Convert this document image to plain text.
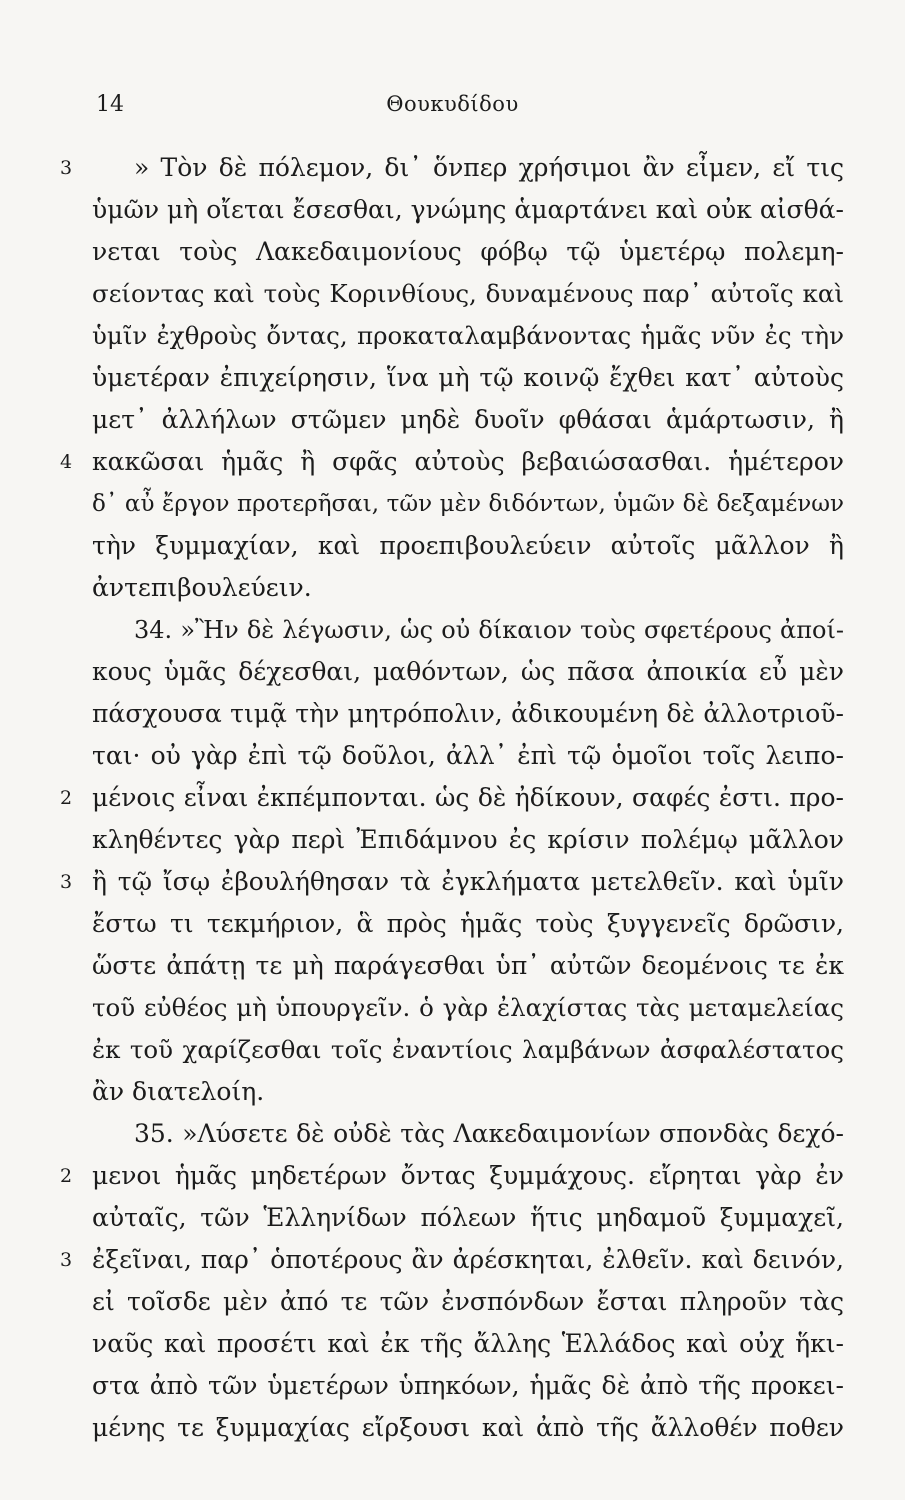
14	Θουκυδίδου
3	» Τὸν δὲ πόλεμον, δι᾿ ὅνπερ χρήσιμοι ἂν εἶμεν, εἴ τις
ὑμῶν μὴ οἴεται ἔσεσθαι, γνώμης ἁμαρτάνει καὶ οὐκ αἰσθά-
νεται τοὺς Λακεδαιμονίους φόβῳ τῷ ὑμετέρῳ πολεμη-
σείοντας καὶ τοὺς Κορινθίους, δυναμένους παρ᾿ αὐτοῖς καὶ
ὑμῖν ἐχθροὺς ὄντας, προκαταλαμβάνοντας ἡμᾶς νῦν ἐς τὴν
ὑμετέραν ἐπιχείρησιν, ἵνα μὴ τῷ κοινῷ ἔχθει κατ᾿ αὐτοὺς
μετ᾿ ἀλλήλων στῶμεν μηδὲ δυοῖν φθάσαι ἁμάρτωσιν, ἢ
4 κακῶσαι ἡμᾶς ἢ σφᾶς αὐτοὺς βεβαιώσασθαι. ἡμέτερον
δ᾿ αὖ ἔργον προτερῆσαι, τῶν μὲν διδόντων, ὑμῶν δὲ δεξαμένων
τὴν ξυμμαχίαν, καὶ προεπιβουλεύειν αὐτοῖς μᾶλλον ἢ
ἀντεπιβουλεύειν.
34. »Ἢν δὲ λέγωσιν, ὡς οὐ δίκαιον τοὺς σφετέρους ἀποί-
κους ὑμᾶς δέχεσθαι, μαθόντων, ὡς πᾶσα ἀποικία εὖ μὲν
πάσχουσα τιμᾷ τὴν μητρόπολιν, ἀδικουμένη δὲ ἀλλοτριοῦ-
ται· οὐ γὰρ ἐπὶ τῷ δοῦλοι, ἀλλ᾿ ἐπὶ τῷ ὁμοῖοι τοῖς λειπο-
2 μένοις εἶναι ἐκπέμπονται. ὡς δὲ ἠδίκουν, σαφές ἐστι. προ-
κληθέντες γὰρ περὶ Ἐπιδάμνου ἐς κρίσιν πολέμῳ μᾶλλον
3 ἢ τῷ ἴσῳ ἐβουλήθησαν τὰ ἐγκλήματα μετελθεῖν. καὶ ὑμῖν
ἔστω τι τεκμήριον, ἃ πρὸς ἡμᾶς τοὺς ξυγγενεῖς δρῶσιν,
ὥστε ἀπάτῃ τε μὴ παράγεσθαι ὑπ᾿ αὐτῶν δεομένοις τε ἐκ
τοῦ εὐθέος μὴ ὑπουργεῖν. ὁ γὰρ ἐλαχίστας τὰς μεταμελείας
ἐκ τοῦ χαρίζεσθαι τοῖς ἐναντίοις λαμβάνων ἀσφαλέστατος
ἂν διατελοίη.
35. »Λύσετε δὲ οὐδὲ τὰς Λακεδαιμονίων σπονδὰς δεχό-
2 μενοι ἡμᾶς μηδετέρων ὄντας ξυμμάχους. εἴρηται γὰρ ἐν
αὐταῖς, τῶν Ἑλληνίδων πόλεων ἥτις μηδαμοῦ ξυμμαχεῖ,
3 ἐξεῖναι, παρ᾿ ὁποτέρους ἂν ἀρέσκηται, ἐλθεῖν. καὶ δεινόν,
εἰ τοῖσδε μὲν ἀπό τε τῶν ἐνσπόνδων ἔσται πληροῦν τὰς
ναῦς καὶ προσέτι καὶ ἐκ τῆς ἄλλης Ἑλλάδος καὶ οὐχ ἥκι-
στα ἀπὸ τῶν ὑμετέρων ὑπηκόων, ἡμᾶς δὲ ἀπὸ τῆς προκει-
μένης τε ξυμμαχίας εἴρξουσι καὶ ἀπὸ τῆς ἄλλοθέν ποθεν
